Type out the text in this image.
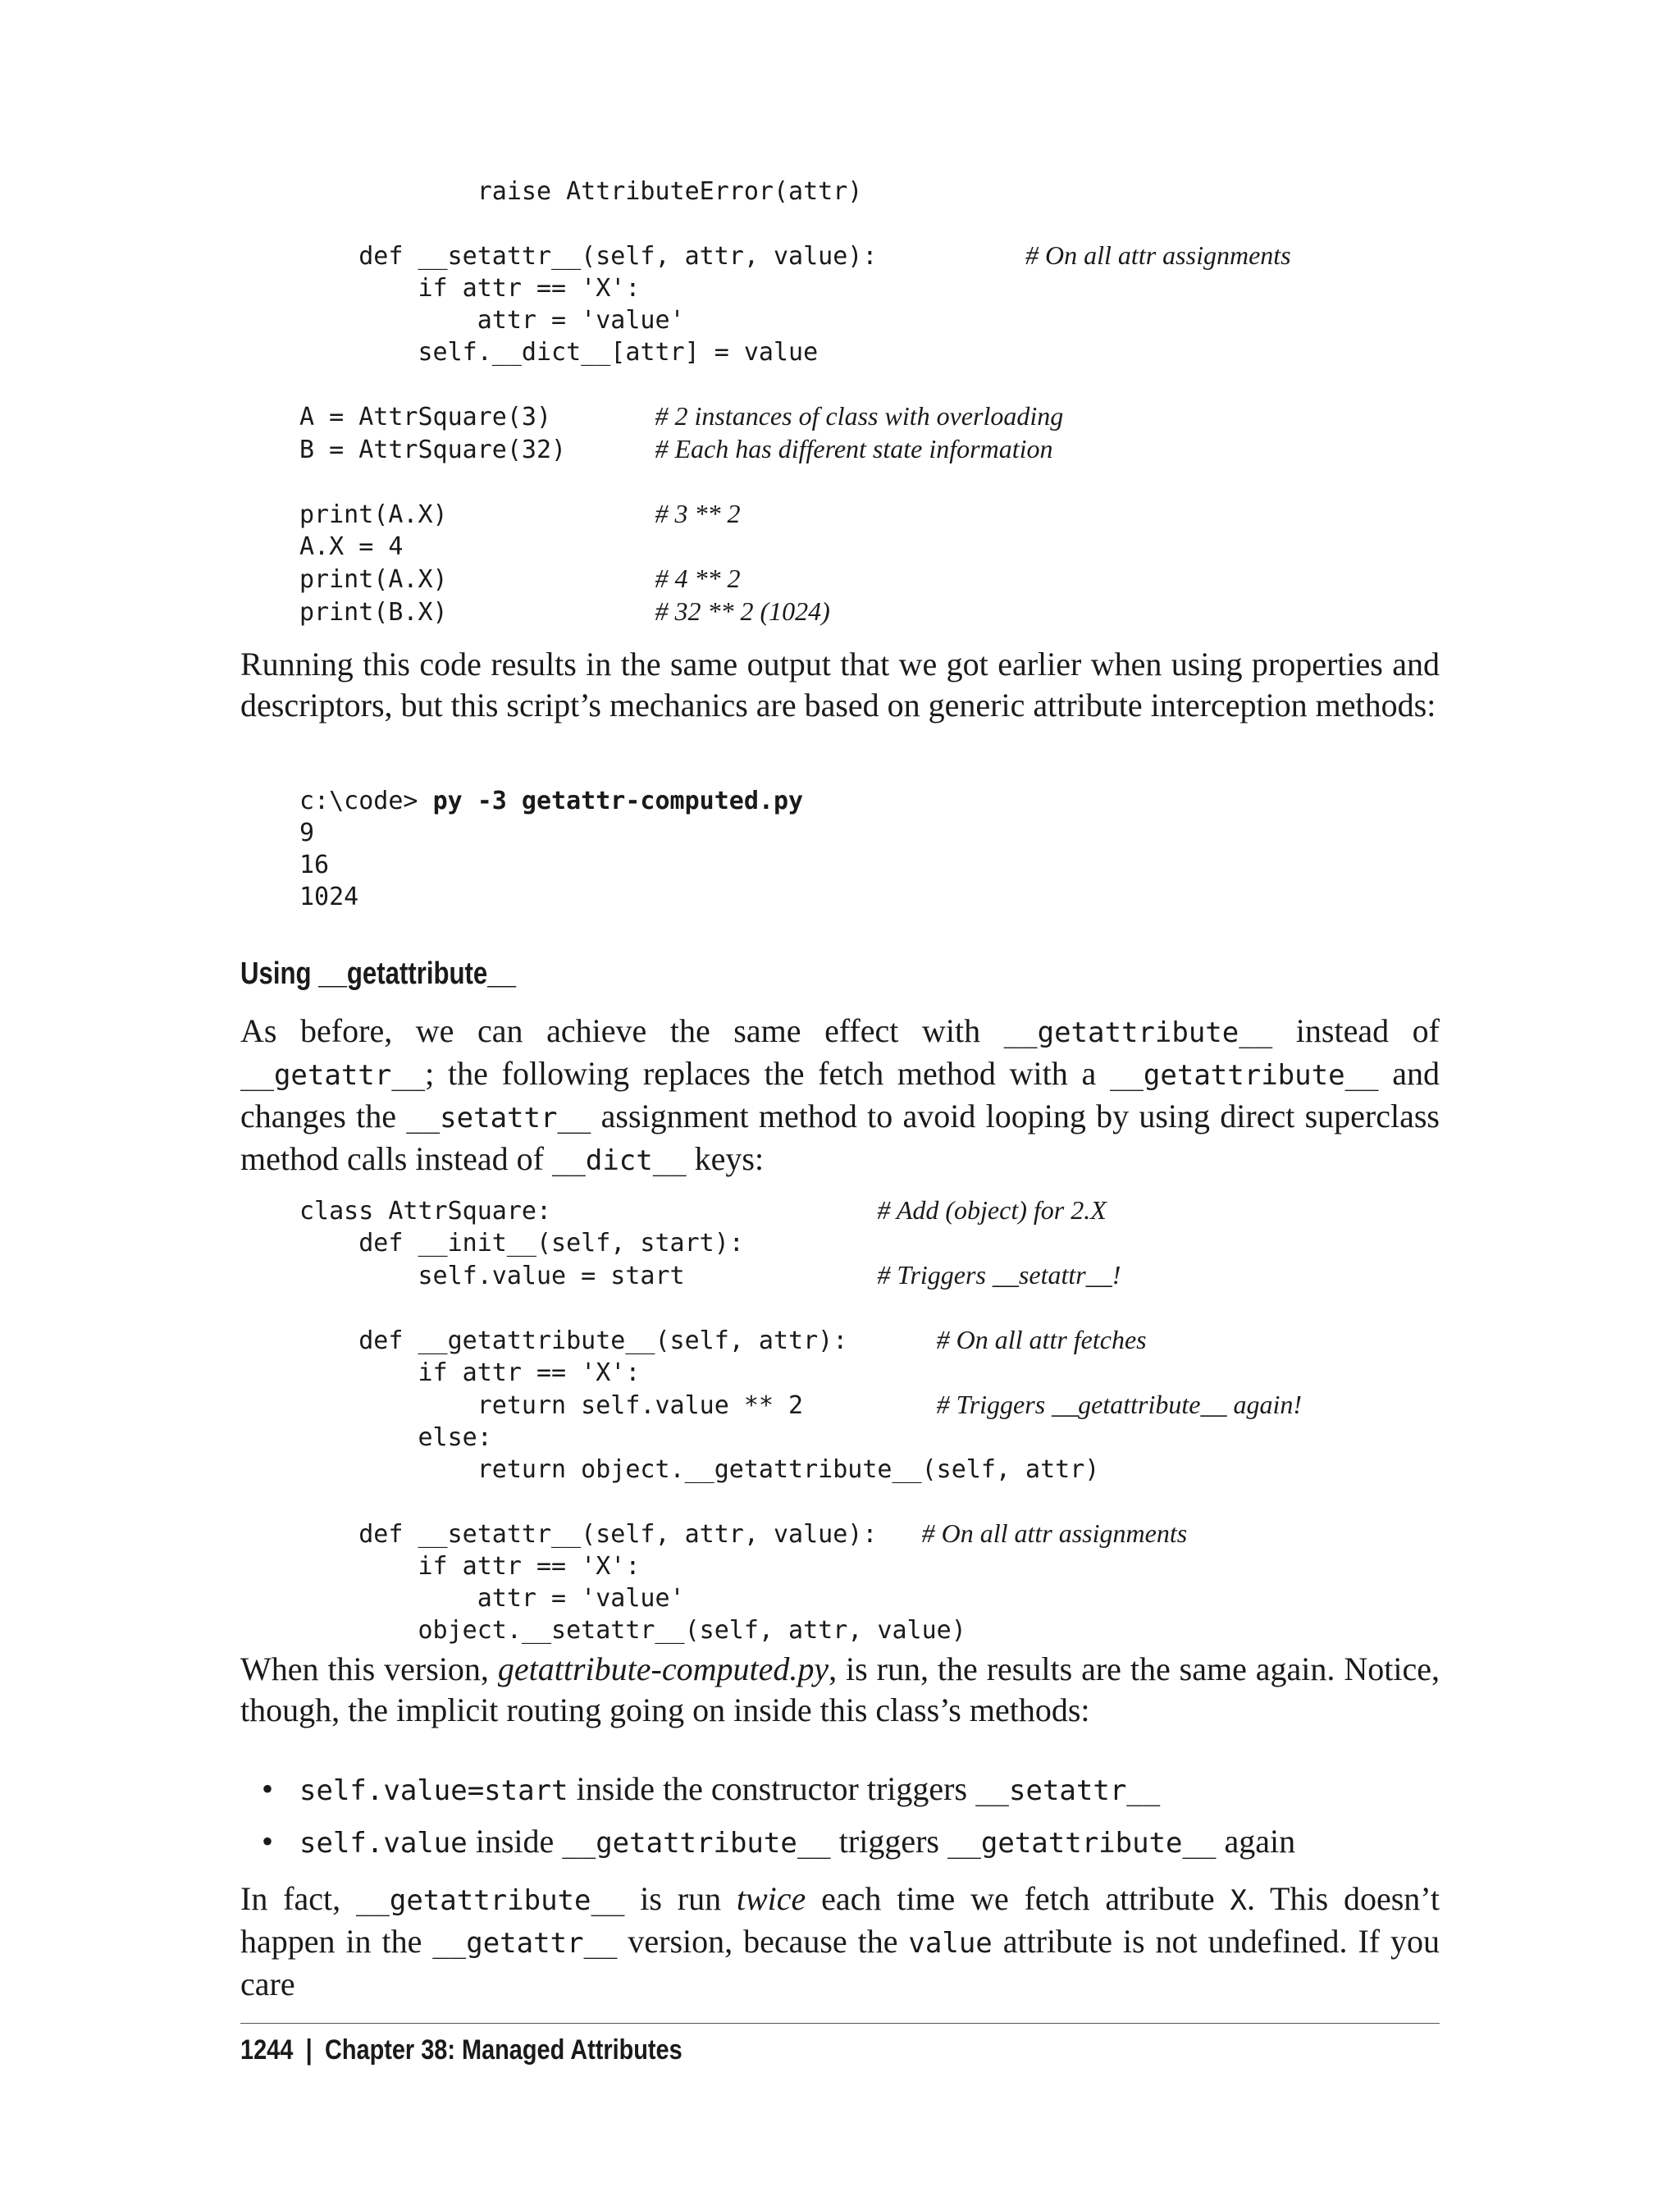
raise AttributeError(attr)

def __setattr__(self, attr, value):	# On all attr assignments
if attr == 'X':
attr = 'value'
self.__dict__[attr] = value

A = AttrSquare(3)	# 2 instances of class with overloading
B = AttrSquare(32)	# Each has different state information

print(A.X)	# 3 ** 2
A.X = 4
print(A.X)	# 4 ** 2
print(B.X)	# 32 ** 2 (1024)

Running this code results in the same output that we got earlier when using properties and descriptors, but this script’s mechanics are based on generic attribute interception methods:

c:\code> py -3 getattr-computed.py
9
16
1024
Using __getattribute__

As before, we can achieve the same effect with __getattribute__ instead of __getattr__; the following replaces the fetch method with a __getattribute__ and changes the __setattr__ assignment method to avoid looping by using direct superclass method calls instead of __dict__ keys:

class AttrSquare:	# Add (object) for 2.X
def __init__(self, start):
self.value = start	# Triggers __setattr__!

def __getattribute__(self, attr):	# On all attr fetches
if attr == 'X':
return self.value ** 2	# Triggers __getattribute__ again!
else:
return object.__getattribute__(self, attr)

def __setattr__(self, attr, value): # On all attr assignments
if attr == 'X':
attr = 'value'
object.__setattr__(self, attr, value)

When this version, getattribute-computed.py, is run, the results are the same again. Notice, though, the implicit routing going on inside this class’s methods:

• self.value=start inside the constructor triggers __setattr__
• self.value inside __getattribute__ triggers __getattribute__ again

In fact, __getattribute__ is run twice each time we fetch attribute X. This doesn’t happen in the __getattr__ version, because the value attribute is not undefined. If you care

1244 | Chapter 38: Managed Attributes
